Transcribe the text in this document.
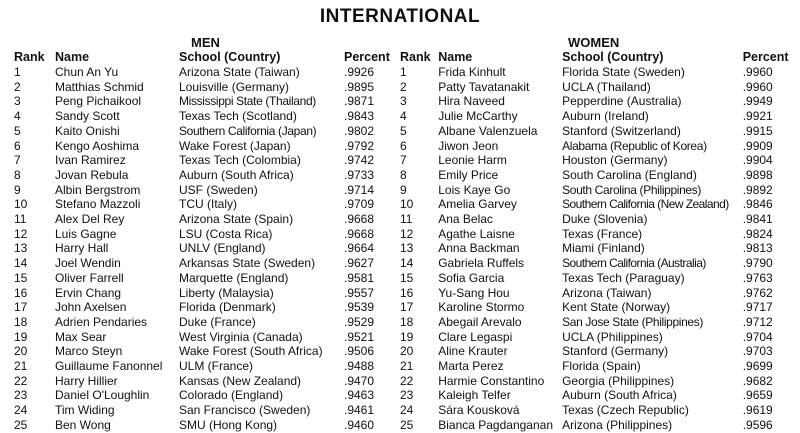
INTERNATIONAL
MEN
Rank	Name	School (Country)	Percent
1	Chun An Yu	Arizona State (Taiwan)	.9926
2	Matthias Schmid	Louisville (Germany)	.9895
3	Peng Pichaikool	Mississippi State (Thailand)	.9871
4	Sandy Scott	Texas Tech (Scotland)	.9843
5	Kaito Onishi	Southern California (Japan)	.9802
6	Kengo Aoshima	Wake Forest (Japan)	.9792
7	Ivan Ramirez	Texas Tech (Colombia)	.9742
8	Jovan Rebula	Auburn (South Africa)	.9733
9	Albin Bergstrom	USF (Sweden)	.9714
10	Stefano Mazzoli	TCU (Italy)	.9709
11	Alex Del Rey	Arizona State (Spain)	.9668
12	Luis Gagne	LSU (Costa Rica)	.9668
13	Harry Hall	UNLV (England)	.9664
14	Joel Wendin	Arkansas State (Sweden)	.9627
15	Oliver Farrell	Marquette (England)	.9581
16	Ervin Chang	Liberty (Malaysia)	.9557
17	John Axelsen	Florida (Denmark)	.9539
18	Adrien Pendaries	Duke (France)	.9529
19	Max Sear	West Virginia (Canada)	.9521
20	Marco Steyn	Wake Forest (South Africa)	.9506
21	Guillaume Fanonnel	ULM (France)	.9488
22	Harry Hillier	Kansas (New Zealand)	.9470
23	Daniel O'Loughlin	Colorado (England)	.9463
24	Tim Widing	San Francisco (Sweden)	.9461
25	Ben Wong	SMU (Hong Kong)	.9460
WOMEN
Rank	Name	School (Country)	Percent
1	Frida Kinhult	Florida State (Sweden)	.9960
2	Patty Tavatanakit	UCLA (Thailand)	.9960
3	Hira Naveed	Pepperdine (Australia)	.9949
4	Julie McCarthy	Auburn (Ireland)	.9921
5	Albane Valenzuela	Stanford (Switzerland)	.9915
6	Jiwon Jeon	Alabama (Republic of Korea)	.9909
7	Leonie Harm	Houston (Germany)	.9904
8	Emily Price	South Carolina (England)	.9898
9	Lois Kaye Go	South Carolina (Philippines)	.9892
10	Amelia Garvey	Southern California (New Zealand)	.9846
11	Ana Belac	Duke (Slovenia)	.9841
12	Agathe Laisne	Texas (France)	.9824
13	Anna Backman	Miami (Finland)	.9813
14	Gabriela Ruffels	Southern California (Australia)	.9790
15	Sofia Garcia	Texas Tech (Paraguay)	.9763
16	Yu-Sang Hou	Arizona (Taiwan)	.9762
17	Karoline Stormo	Kent State (Norway)	.9717
18	Abegail Arevalo	San Jose State (Philippines)	.9712
19	Clare Legaspi	UCLA (Philippines)	.9704
20	Aline Krauter	Stanford (Germany)	.9703
21	Marta Perez	Florida (Spain)	.9699
22	Harmie Constantino	Georgia (Philippines)	.9682
23	Kaleigh Telfer	Auburn (South Africa)	.9659
24	Sára Kousková	Texas (Czech Republic)	.9619
25	Bianca Pagdanganan	Arizona (Philippines)	.9596
